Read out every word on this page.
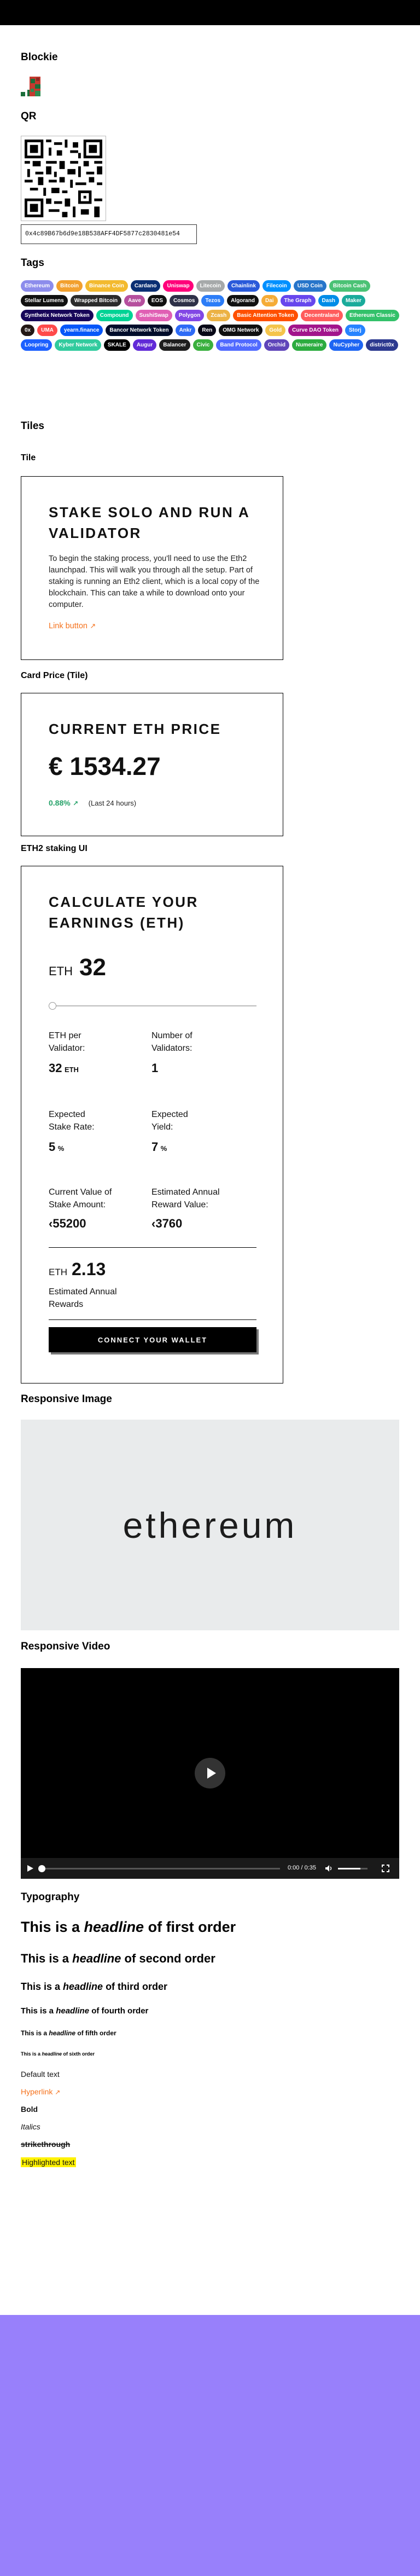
Blockie
QR
0x4c89B67b6d9e18B538AFF4DF5877c2830481e54
Tags
Ethereum	Bitcoin	Binance Coin	Cardano	Uniswap	Litecoin	Chainlink	Filecoin	USD Coin	Bitcoin Cash
Stellar Lumens	Wrapped Bitcoin	Aave	EOS	Cosmos	Tezos	Algorand	Dai	The Graph	Dash	Maker
Synthetix Network Token	Compound	SushiSwap	Polygon	Zcash	Basic Attention Token	Decentraland	Ethereum Classic
0x	UMA	yearn.finance	Bancor Network Token	Ankr	Ren	OMG Network	Gold	Curve DAO Token	Storj
Loopring	Kyber Network	SKALE	Augur	Balancer	Civic	Band Protocol	Orchid	Numeraire	NuCypher	district0x
Tiles
Tile
STAKE SOLO AND RUN A VALIDATOR
To begin the staking process, you'll need to use the Eth2 launchpad. This will walk you through all the setup. Part of staking is running an Eth2 client, which is a local copy of the blockchain. This can take a while to download onto your computer.
Link button ↗
Card Price (Tile)
CURRENT ETH PRICE
€ 1534.27
0.88% ↗ (Last 24 hours)
ETH2 staking UI
CALCULATE YOUR EARNINGS (ETH)
ETH 32
ETH per
Validator:
32 ETH
Number of
Validators:
1
Expected
Stake Rate:
5 %
Expected
Yield:
7 %
Current Value of
Stake Amount:
‹55200
Estimated Annual
Reward Value:
‹3760
ETH 2.13
Estimated Annual
Rewards
CONNECT YOUR WALLET
Responsive Image
ethereum
Responsive Video
0:00 / 0:35
Typography
This is a headline of first order
This is a headline of second order
This is a headline of third order
This is a headline of fourth order
This is a headline of fifth order
This is a headline of sixth order
Default text
Hyperlink ↗
Bold
Italics
strikethrough
Highlighted text
